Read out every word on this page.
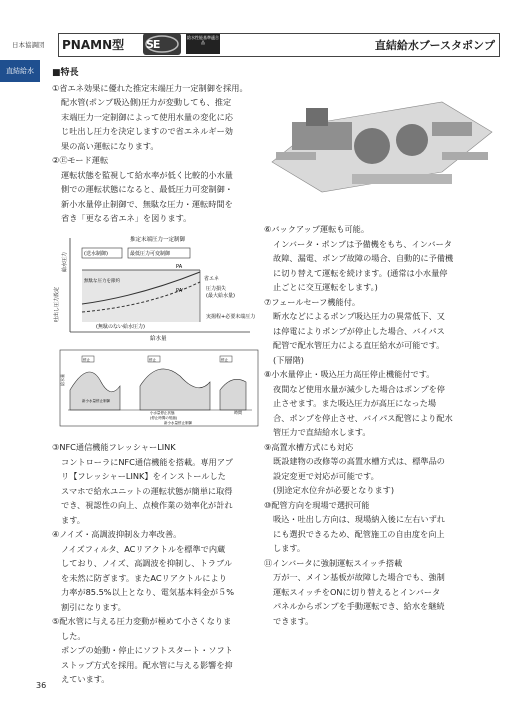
日本協調団
直結給水
PNAMN型 SE
給水性能基準適合品	直結給水ブースタポンプ
■特長
①省エネ効果に優れた推定末端圧力一定制御を採用。
配水管(ポンプ吸込側)圧力が変動しても、推定
末端圧力一定制御によって使用水量の変化に応
じ吐出し圧力を決定しますので省エネルギー効
果の高い運転になります。
②Ⓔモード運転
運転状態を監視して給水率が低く比較的小水量
側での運転状態になると、最低圧力可変制御・
新小水量停止制御で、無駄な圧力・運転時間を
省き「更なる省エネ」を図ります。
推定末端圧力一定制御
(送水制御)	最低圧力可変制御
PA
PA'
省エネ
無駄な圧力を節約
圧力損失
(最大給水量)
実揚程+必要末端圧力
(無駄のない給水圧力)
給水量
給水圧力
吐出し圧力設定
停止	停止	停止
給水量
時間
新小水量停止制御
小水量停止状態
(停止時間の短縮)
新小水量停止制御
③NFC通信機能フレッシャーLINK
コントローラにNFC通信機能を搭載。専用アプ
リ【フレッシャーLINK】をインストールした
スマホで給水ユニットの運転状態が簡単に取得
でき、視認性の向上、点検作業の効率化が計れ
ます。
④ノイズ・高調波抑制＆力率改善。
ノイズフィルタ、ACリアクトルを標準で内蔵
しており、ノイズ、高調波を抑制し、トラブル
を未然に防ぎます。またACリアクトルにより
力率が85.5%以上となり、電気基本料金が５%
割引になります。
⑤配水管に与える圧力変動が極めて小さくなりま
した。
ポンプの始動・停止にソフトスタート・ソフト
ストップ方式を採用。配水管に与える影響を抑
えています。
⑥バックアップ運転も可能。
インバータ・ポンプは予備機をもち、インバータ
故障、漏電、ポンプ故障の場合、自動的に予備機
に切り替えて運転を続けます。(通常は小水量停
止ごとに交互運転をします。)
⑦フェールセーフ機能付。
断水などによるポンプ吸込圧力の異常低下、又
は停電によりポンプが停止した場合、バイパス
配管で配水管圧力による直圧給水が可能です。
(下層階)
⑧小水量停止・吸込圧力高圧停止機能付です。
夜間など使用水量が減少した場合はポンプを停
止させます。また吸込圧力が高圧になった場
合、ポンプを停止させ、バイパス配管により配水
管圧力で直結給水します。
⑨高置水槽方式にも対応
既設建物の改修等の高置水槽方式は、標準品の
設定変更で対応が可能です。
(別途定水位弁が必要となります)
⑩配管方向を現場で選択可能
吸込・吐出し方向は、現場納入後に左右いずれ
にも選択できるため、配管施工の自由度を向上
します。
⑪インバータに強制運転スイッチ搭載
万が一、メイン基板が故障した場合でも、強制
運転スイッチをONに切り替えるとインバータ
パネルからポンプを手動運転でき、給水を継続
できます。
36
